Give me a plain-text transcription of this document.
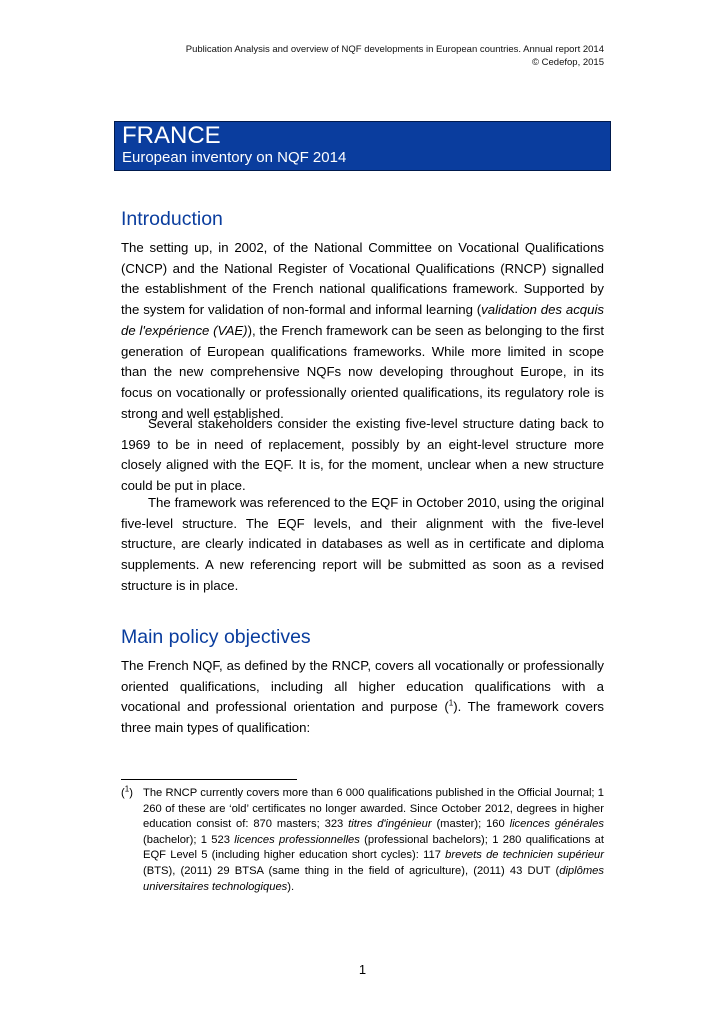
Publication Analysis and overview of NQF developments in European countries. Annual report 2014
© Cedefop, 2015
FRANCE
European inventory on NQF 2014
Introduction

The setting up, in 2002, of the National Committee on Vocational Qualifications (CNCP) and the National Register of Vocational Qualifications (RNCP) signalled the establishment of the French national qualifications framework. Supported by the system for validation of non-formal and informal learning (validation des acquis de l'expérience (VAE)), the French framework can be seen as belonging to the first generation of European qualifications frameworks. While more limited in scope than the new comprehensive NQFs now developing throughout Europe, in its focus on vocationally or professionally oriented qualifications, its regulatory role is strong and well established.

Several stakeholders consider the existing five-level structure dating back to 1969 to be in need of replacement, possibly by an eight-level structure more closely aligned with the EQF. It is, for the moment, unclear when a new structure could be put in place.

The framework was referenced to the EQF in October 2010, using the original five-level structure. The EQF levels, and their alignment with the five-level structure, are clearly indicated in databases as well as in certificate and diploma supplements. A new referencing report will be submitted as soon as a revised structure is in place.

Main policy objectives

The French NQF, as defined by the RNCP, covers all vocationally or professionally oriented qualifications, including all higher education qualifications with a vocational and professional orientation and purpose ($^1$). The framework covers three main types of qualification:

($^1$) The RNCP currently covers more than 6 000 qualifications published in the Official Journal; 1 260 of these are ‘old’ certificates no longer awarded. Since October 2012, degrees in higher education consist of: 870 masters; 323 titres d'ingénieur (master); 160 licences générales (bachelor); 1 523 licences professionnelles (professional bachelors); 1 280 qualifications at EQF Level 5 (including higher education short cycles): 117 brevets de technicien supérieur (BTS), (2011) 29 BTSA (same thing in the field of agriculture), (2011) 43 DUT (diplômes universitaires technologiques).
1
